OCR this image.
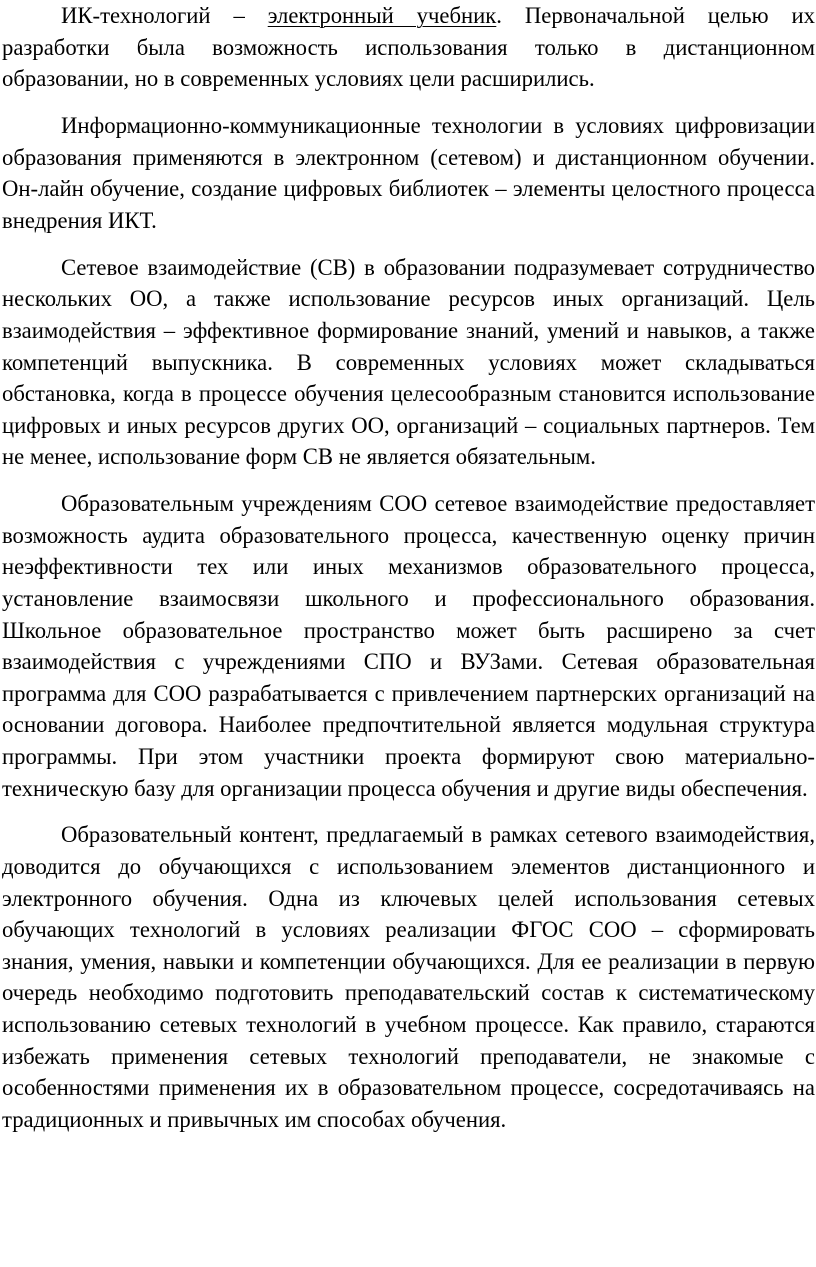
ИК-технологий – электронный учебник. Первоначальной целью их разработки была возможность использования только в дистанционном образовании, но в современных условиях цели расширились.

Информационно-коммуникационные технологии в условиях цифровизации образования применяются в электронном (сетевом) и дистанционном обучении. Он-лайн обучение, создание цифровых библиотек – элементы целостного процесса внедрения ИКТ.

Сетевое взаимодействие (СВ) в образовании подразумевает сотрудничество нескольких ОО, а также использование ресурсов иных организаций. Цель взаимодействия – эффективное формирование знаний, умений и навыков, а также компетенций выпускника. В современных условиях может складываться обстановка, когда в процессе обучения целесообразным становится использование цифровых и иных ресурсов других ОО, организаций – социальных партнеров. Тем не менее, использование форм СВ не является обязательным.

Образовательным учреждениям СОО сетевое взаимодействие предоставляет возможность аудита образовательного процесса, качественную оценку причин неэффективности тех или иных механизмов образовательного процесса, установление взаимосвязи школьного и профессионального образования. Школьное образовательное пространство может быть расширено за счет взаимодействия с учреждениями СПО и ВУЗами. Сетевая образовательная программа для СОО разрабатывается с привлечением партнерских организаций на основании договора. Наиболее предпочтительной является модульная структура программы. При этом участники проекта формируют свою материально-техническую базу для организации процесса обучения и другие виды обеспечения.

Образовательный контент, предлагаемый в рамках сетевого взаимодействия, доводится до обучающихся с использованием элементов дистанционного и электронного обучения. Одна из ключевых целей использования сетевых обучающих технологий в условиях реализации ФГОС СОО – сформировать знания, умения, навыки и компетенции обучающихся. Для ее реализации в первую очередь необходимо подготовить преподавательский состав к систематическому использованию сетевых технологий в учебном процессе. Как правило, стараются избежать применения сетевых технологий преподаватели, не знакомые с особенностями применения их в образовательном процессе, сосредотачиваясь на традиционных и привычных им способах обучения.
